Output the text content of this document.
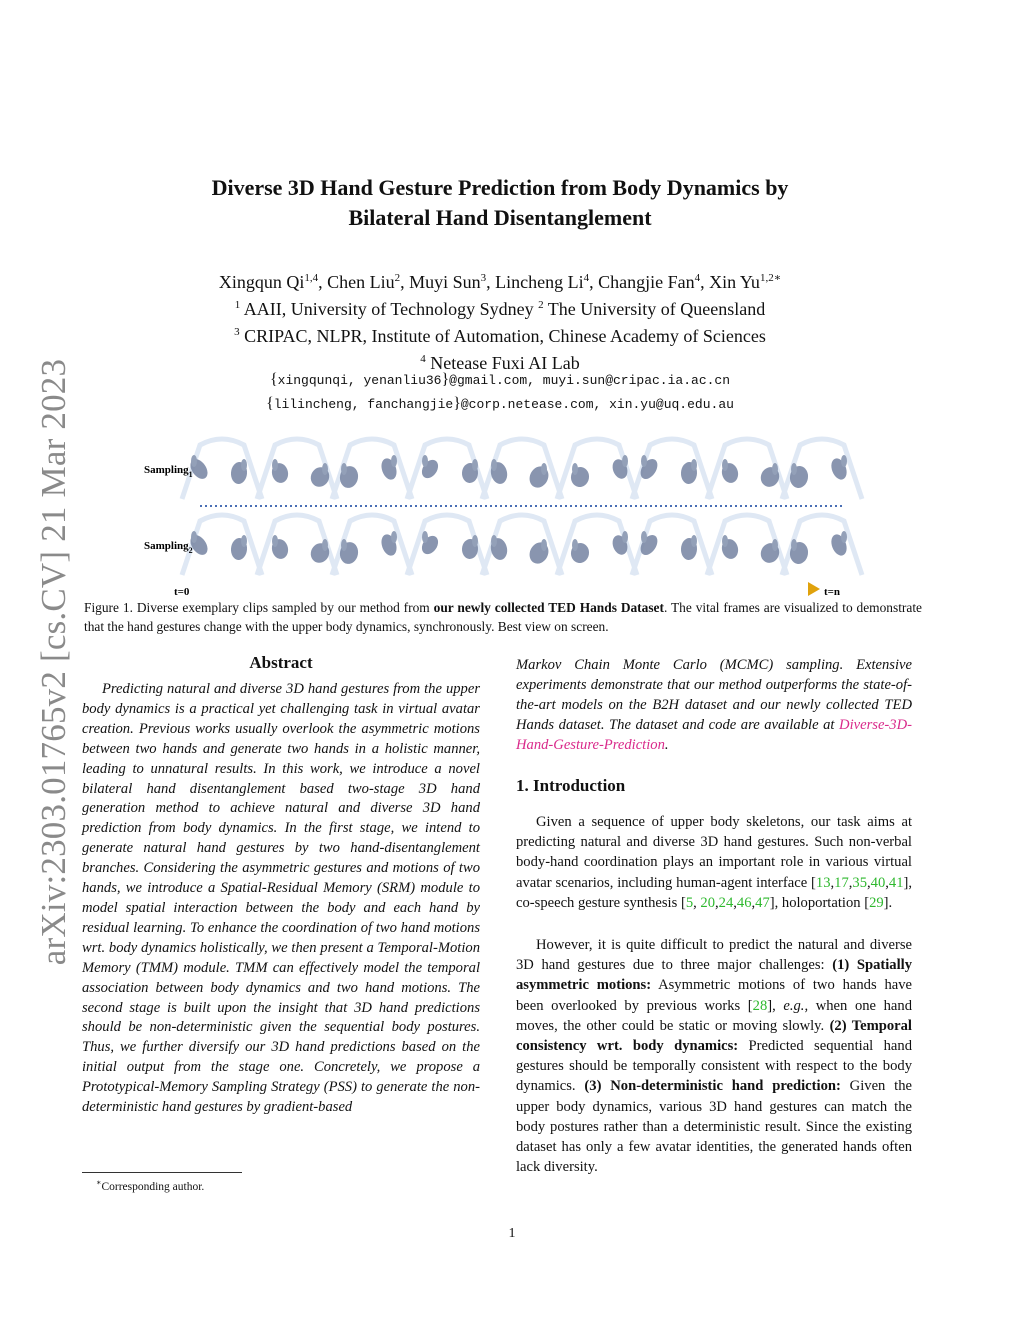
arXiv:2303.01765v2 [cs.CV] 21 Mar 2023
Diverse 3D Hand Gesture Prediction from Body Dynamics by
Bilateral Hand Disentanglement
Xingqun Qi$^{1,4}$, Chen Liu$^2$, Muyi Sun$^3$, Lincheng Li$^4$, Changjie Fan$^4$, Xin $Yu^{1,2∗}$
$^1$ AAII, University of Technology Sydney $^2$ The University of Queensland
$^3$ CRIPAC, NLPR, Institute of Automation, Chinese Academy of Sciences
$^4$ Netease Fuxi AI Lab
{xingqunqi, yenanliu36}@gmail.com, muyi.sun@cripac.ia.ac.cn
{lilincheng, fanchangjie}@corp.netease.com, xin.yu@uq.edu.au
Sampling$_1$
Sampling$_2$
t=0	t=n
Figure 1. Diverse exemplary clips sampled by our method from our newly collected TED Hands Dataset. The vital frames are visualized to demonstrate that the hand gestures change with the upper body dynamics, synchronously. Best view on screen.
Abstract
Predicting natural and diverse 3D hand gestures from the upper body dynamics is a practical yet challenging task in virtual avatar creation. Previous works usually overlook the asymmetric motions between two hands and generate two hands in a holistic manner, leading to unnatural results. In this work, we introduce a novel bilateral hand disentanglement based two-stage 3D hand generation method to achieve natural and diverse 3D hand prediction from body dynamics. In the first stage, we intend to generate natural hand gestures by two hand-disentanglement branches. Considering the asymmetric gestures and motions of two hands, we introduce a Spatial-Residual Memory (SRM) module to model spatial interaction between the body and each hand by residual learning. To enhance the coordination of two hand motions wrt. body dynamics holistically, we then present a Temporal-Motion Memory (TMM) module. TMM can effectively model the temporal association between body dynamics and two hand motions. The second stage is built upon the insight that 3D hand predictions should be non-deterministic given the sequential body postures. Thus, we further diversify our 3D hand predictions based on the initial output from the stage one. Concretely, we propose a Prototypical-Memory Sampling Strategy (PSS) to generate the non-deterministic hand gestures by gradient-based
Markov Chain Monte Carlo (MCMC) sampling. Extensive experiments demonstrate that our method outperforms the state-of-the-art models on the B2H dataset and our newly collected TED Hands dataset. The dataset and code are available at Diverse-3D-Hand-Gesture-Prediction.
1. Introduction
Given a sequence of upper body skeletons, our task aims at predicting natural and diverse 3D hand gestures. Such non-verbal body-hand coordination plays an important role in various virtual avatar scenarios, including human-agent interface [13,17,35,40,41], co-speech gesture synthesis [5, 20,24,46,47], holoportation [29].
However, it is quite difficult to predict the natural and diverse 3D hand gestures due to three major challenges: (1) Spatially asymmetric motions: Asymmetric motions of two hands have been overlooked by previous works [28], e.g., when one hand moves, the other could be static or moving slowly. (2) Temporal consistency wrt. body dynamics: Predicted sequential hand gestures should be temporally consistent with respect to the body dynamics. (3) Non-deterministic hand prediction: Given the upper body dynamics, various 3D hand gestures can match the body postures rather than a deterministic result. Since the existing dataset has only a few avatar identities, the generated hands often lack diversity.
∗Corresponding author.
1
